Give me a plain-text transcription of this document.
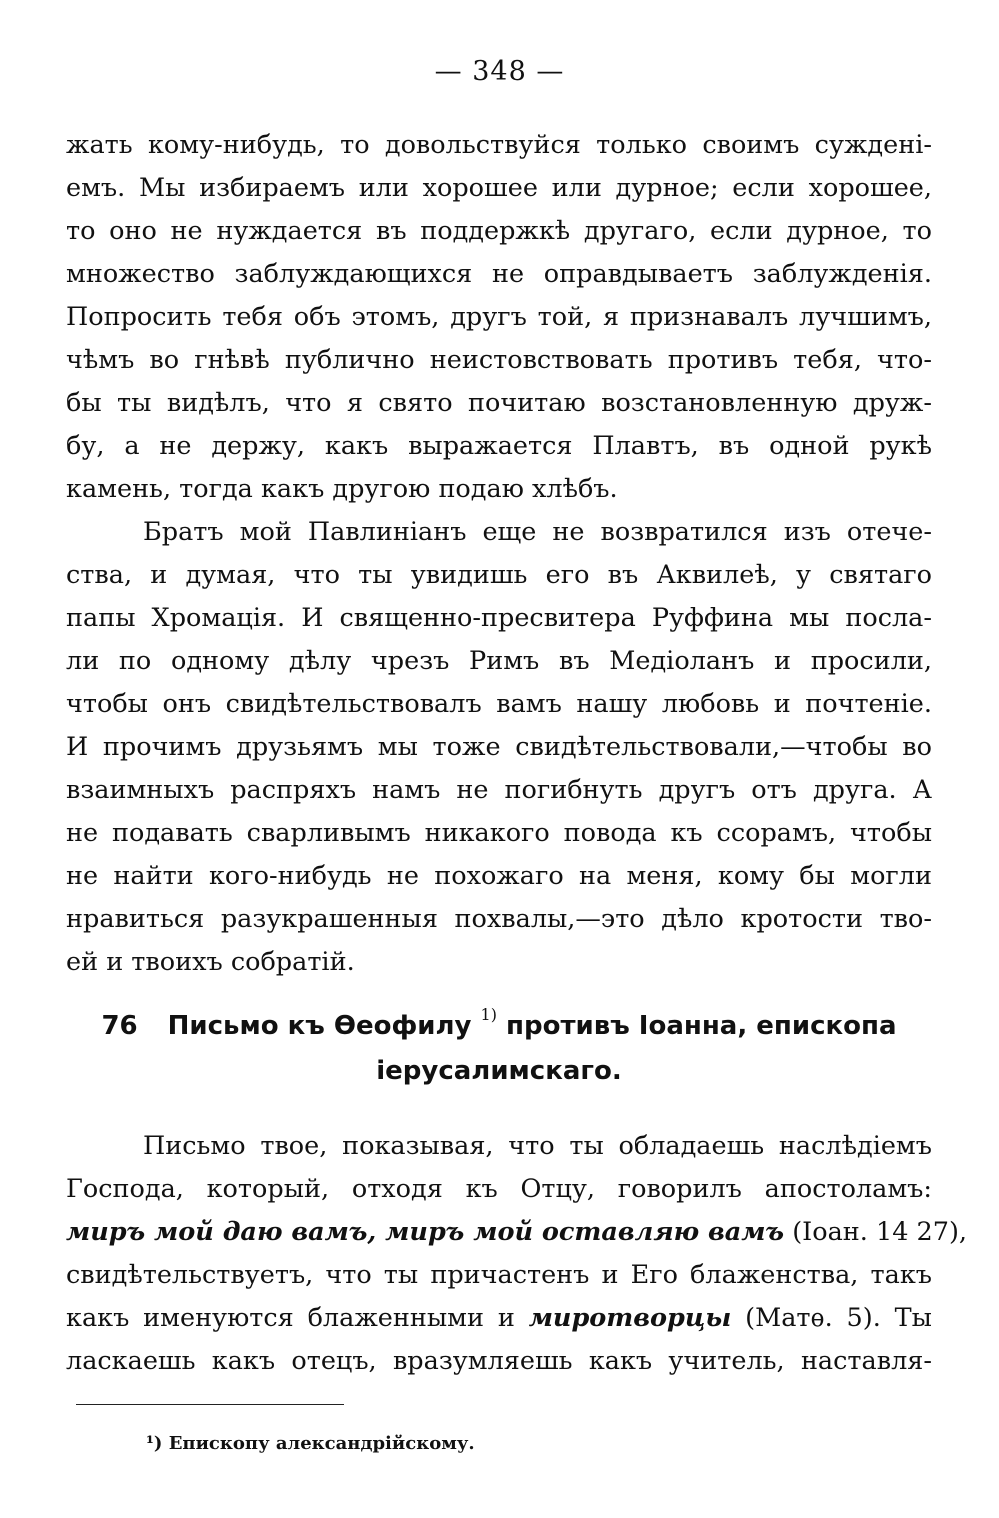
— 348 —
жать кому-нибудь, то довольствуйся только своимъ сужденi-
емъ. Мы избираемъ или хорошее или дурное; если хорошее,
то оно не нуждается въ поддержкѣ другаго, если дурное, то
множество заблуждающихся не оправдываетъ заблужденiя.
Попросить тебя объ этомъ, другъ той, я признавалъ лучшимъ,
чѣмъ во гнѣвѣ публично неистовствовать противъ тебя, что-
бы ты видѣлъ, что я свято почитаю возстановленную друж-
бу, а не держу, какъ выражается Плавтъ, въ одной рукѣ
камень, тогда какъ другою подаю хлѣбъ.
Братъ мой Павлинiанъ еще не возвратился изъ отече-
ства, и думая, что ты увидишь его въ Аквилеѣ, у святаго
папы Хромацiя. И священно-пресвитера Руффина мы посла-
ли по одному дѣлу чрезъ Римъ въ Медiоланъ и просили,
чтобы онъ свидѣтельствовалъ вамъ нашу любовь и почтенiе.
И прочимъ друзьямъ мы тоже свидѣтельствовали,—чтобы во
взаимныхъ распряхъ намъ не погибнуть другъ отъ друга. А
не подавать сварливымъ никакого повода къ ссорамъ, чтобы
не найти кого-нибудь не похожаго на меня, кому бы могли
нравиться разукрашенныя похвалы,—это дѣло кротости тво-
ей и твоихъ собратiй.
76 Письмо къ Ѳеофилу $^{1)}$ противъ Iоанна, епископа
iерусалимскаго.
Письмо твое, показывая, что ты обладаешь наслѣдiемъ
Господа, который, отходя къ Отцу, говорилъ апостоламъ:
миръ мой даю вамъ, миръ мой оставляю вамъ (Iоан. 14 27),
свидѣтельствуетъ, что ты причастенъ и Его блаженства, такъ
какъ именуются блаженными и миротворцы (Матѳ. 5). Ты
ласкаешь какъ отецъ, вразумляешь какъ учитель, наставля-
¹) Епископу александрiйскому.
